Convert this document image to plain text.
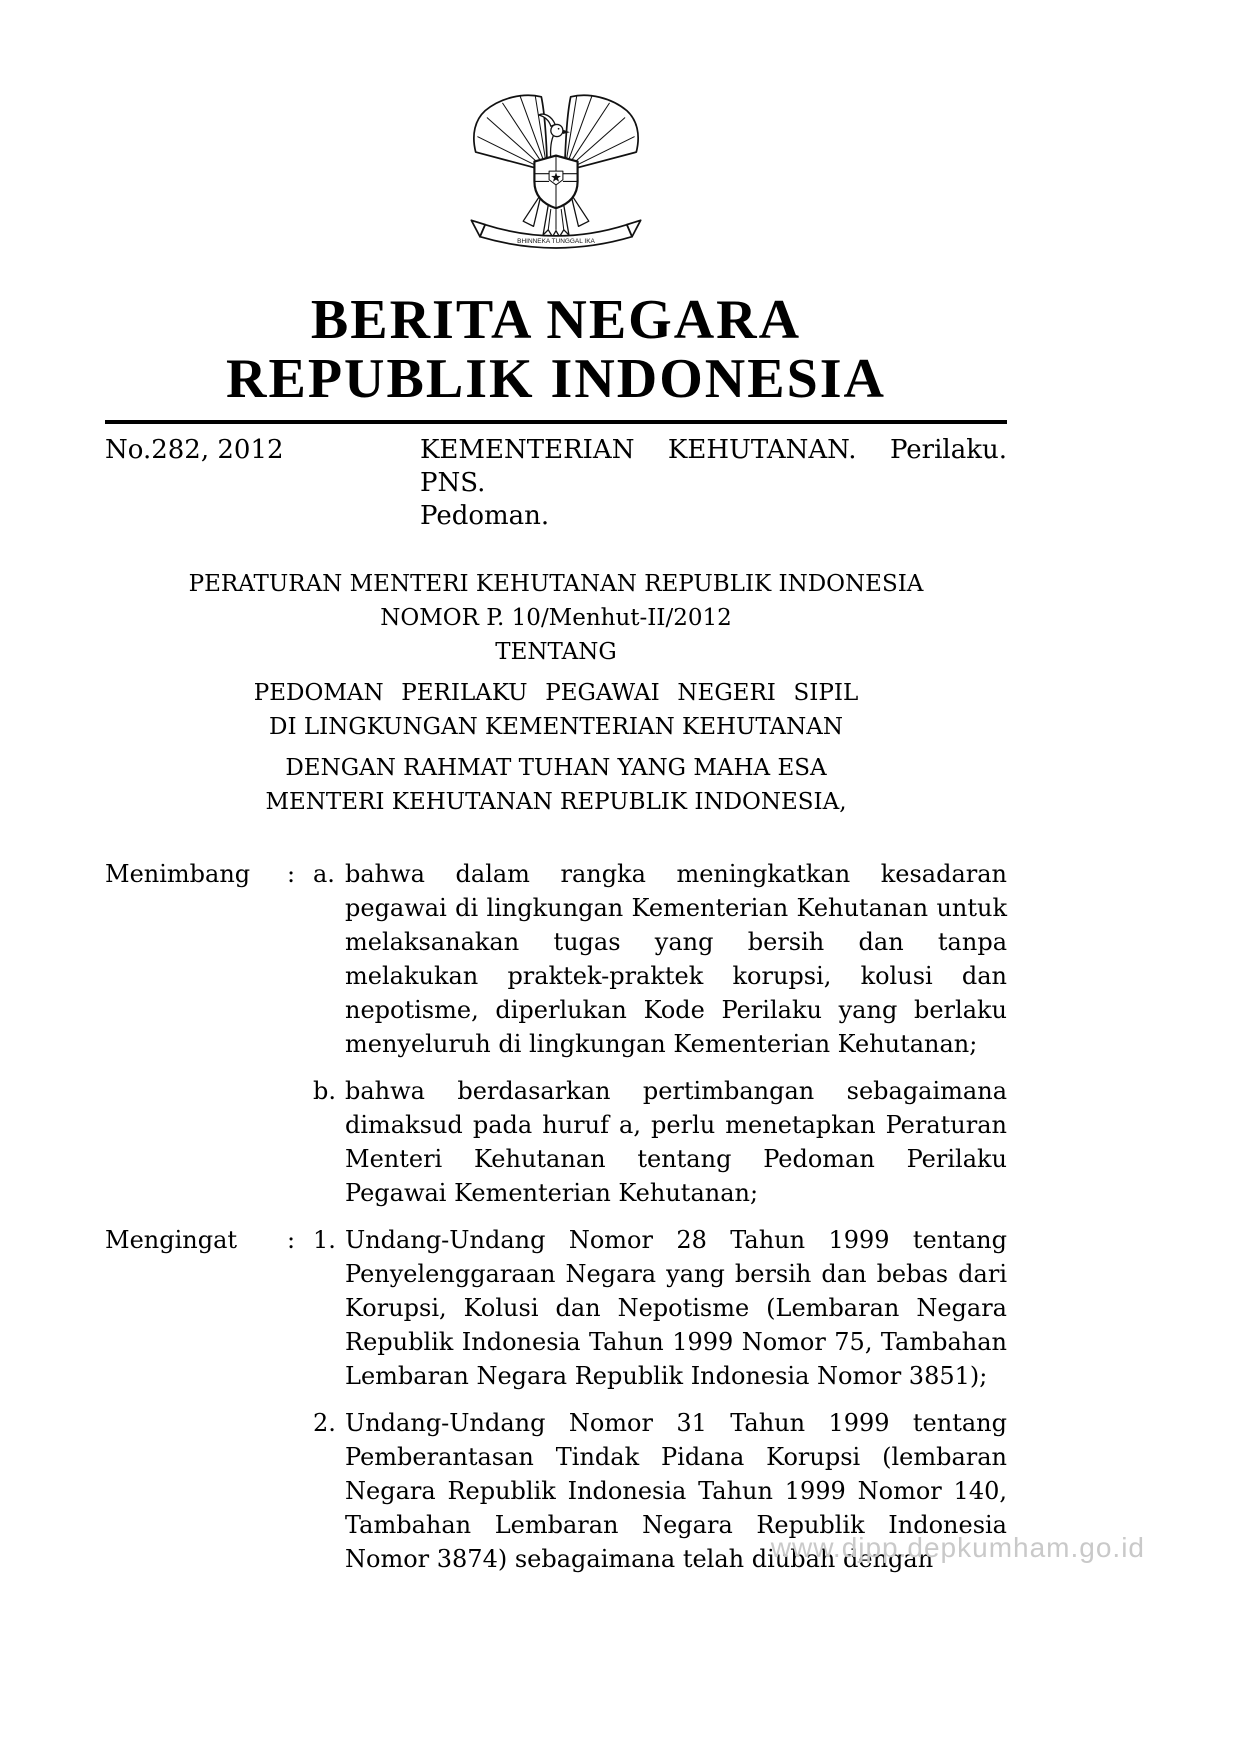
BHINNEKA TUNGGAL IKA
BERITA NEGARA
REPUBLIK INDONESIA
No.282, 2012	KEMENTERIAN KEHUTANAN. Perilaku. PNS.
Pedoman.
PERATURAN MENTERI KEHUTANAN REPUBLIK INDONESIA
NOMOR P. 10/Menhut-II/2012
TENTANG
PEDOMAN PERILAKU PEGAWAI NEGERI SIPIL
DI LINGKUNGAN KEMENTERIAN KEHUTANAN
DENGAN RAHMAT TUHAN YANG MAHA ESA
MENTERI KEHUTANAN REPUBLIK INDONESIA,
Menimbang	: a. bahwa dalam rangka meningkatkan kesadaran pegawai di lingkungan Kementerian Kehutanan untuk melaksanakan tugas yang bersih dan tanpa melakukan praktek-praktek korupsi, kolusi dan nepotisme, diperlukan Kode Perilaku yang berlaku menyeluruh di lingkungan Kementerian Kehutanan;
b. bahwa berdasarkan pertimbangan sebagaimana dimaksud pada huruf a, perlu menetapkan Peraturan Menteri Kehutanan tentang Pedoman Perilaku Pegawai Kementerian Kehutanan;
Mengingat	: 1. Undang-Undang Nomor 28 Tahun 1999 tentang Penyelenggaraan Negara yang bersih dan bebas dari Korupsi, Kolusi dan Nepotisme (Lembaran Negara Republik Indonesia Tahun 1999 Nomor 75, Tambahan Lembaran Negara Republik Indonesia Nomor 3851);
2. Undang-Undang Nomor 31 Tahun 1999 tentang Pemberantasan Tindak Pidana Korupsi (lembaran Negara Republik Indonesia Tahun 1999 Nomor 140, Tambahan Lembaran Negara Republik Indonesia Nomor 3874) sebagaimana telah diubah dengan
www.djpp.depkumham.go.id
